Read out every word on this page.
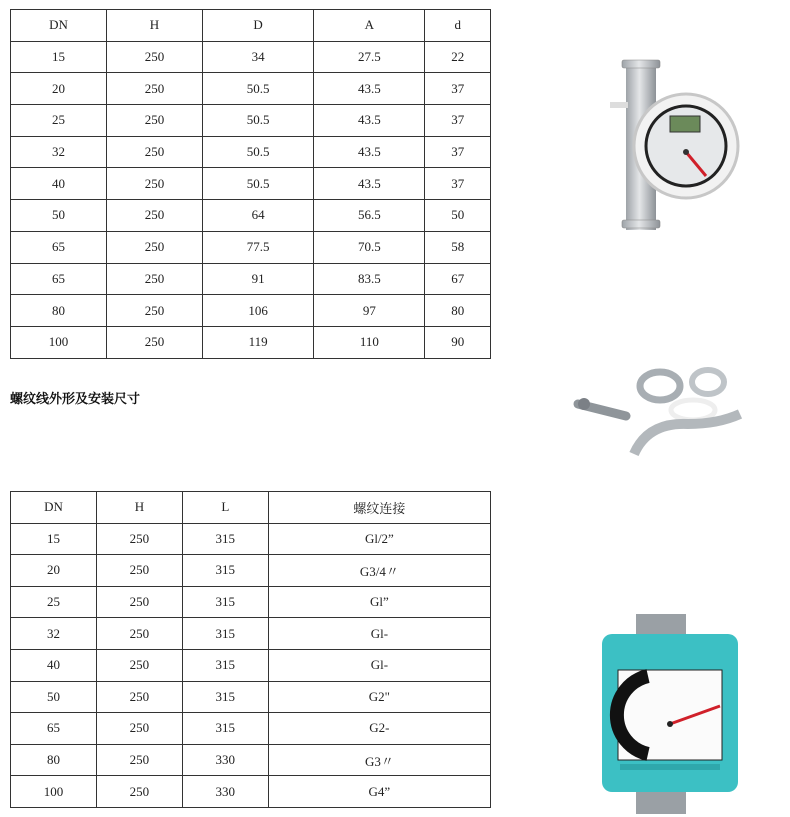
DN	H	D	A	d
15	250	34	27.5	22
20	250	50.5	43.5	37
25	250	50.5	43.5	37
32	250	50.5	43.5	37
40	250	50.5	43.5	37
50	250	64	56.5	50
65	250	77.5	70.5	58
65	250	91	83.5	67
80	250	106	97	80
100	250	119	110	90
螺纹线外形及安装尺寸
DN	H	L	螺纹连接
15	250	315	Gl/2”
20	250	315	G3/4〃
25	250	315	Gl”
32	250	315	Gl-
40	250	315	Gl-
50	250	315	G2"
65	250	315	G2-
80	250	330	G3〃
100	250	330	G4”
